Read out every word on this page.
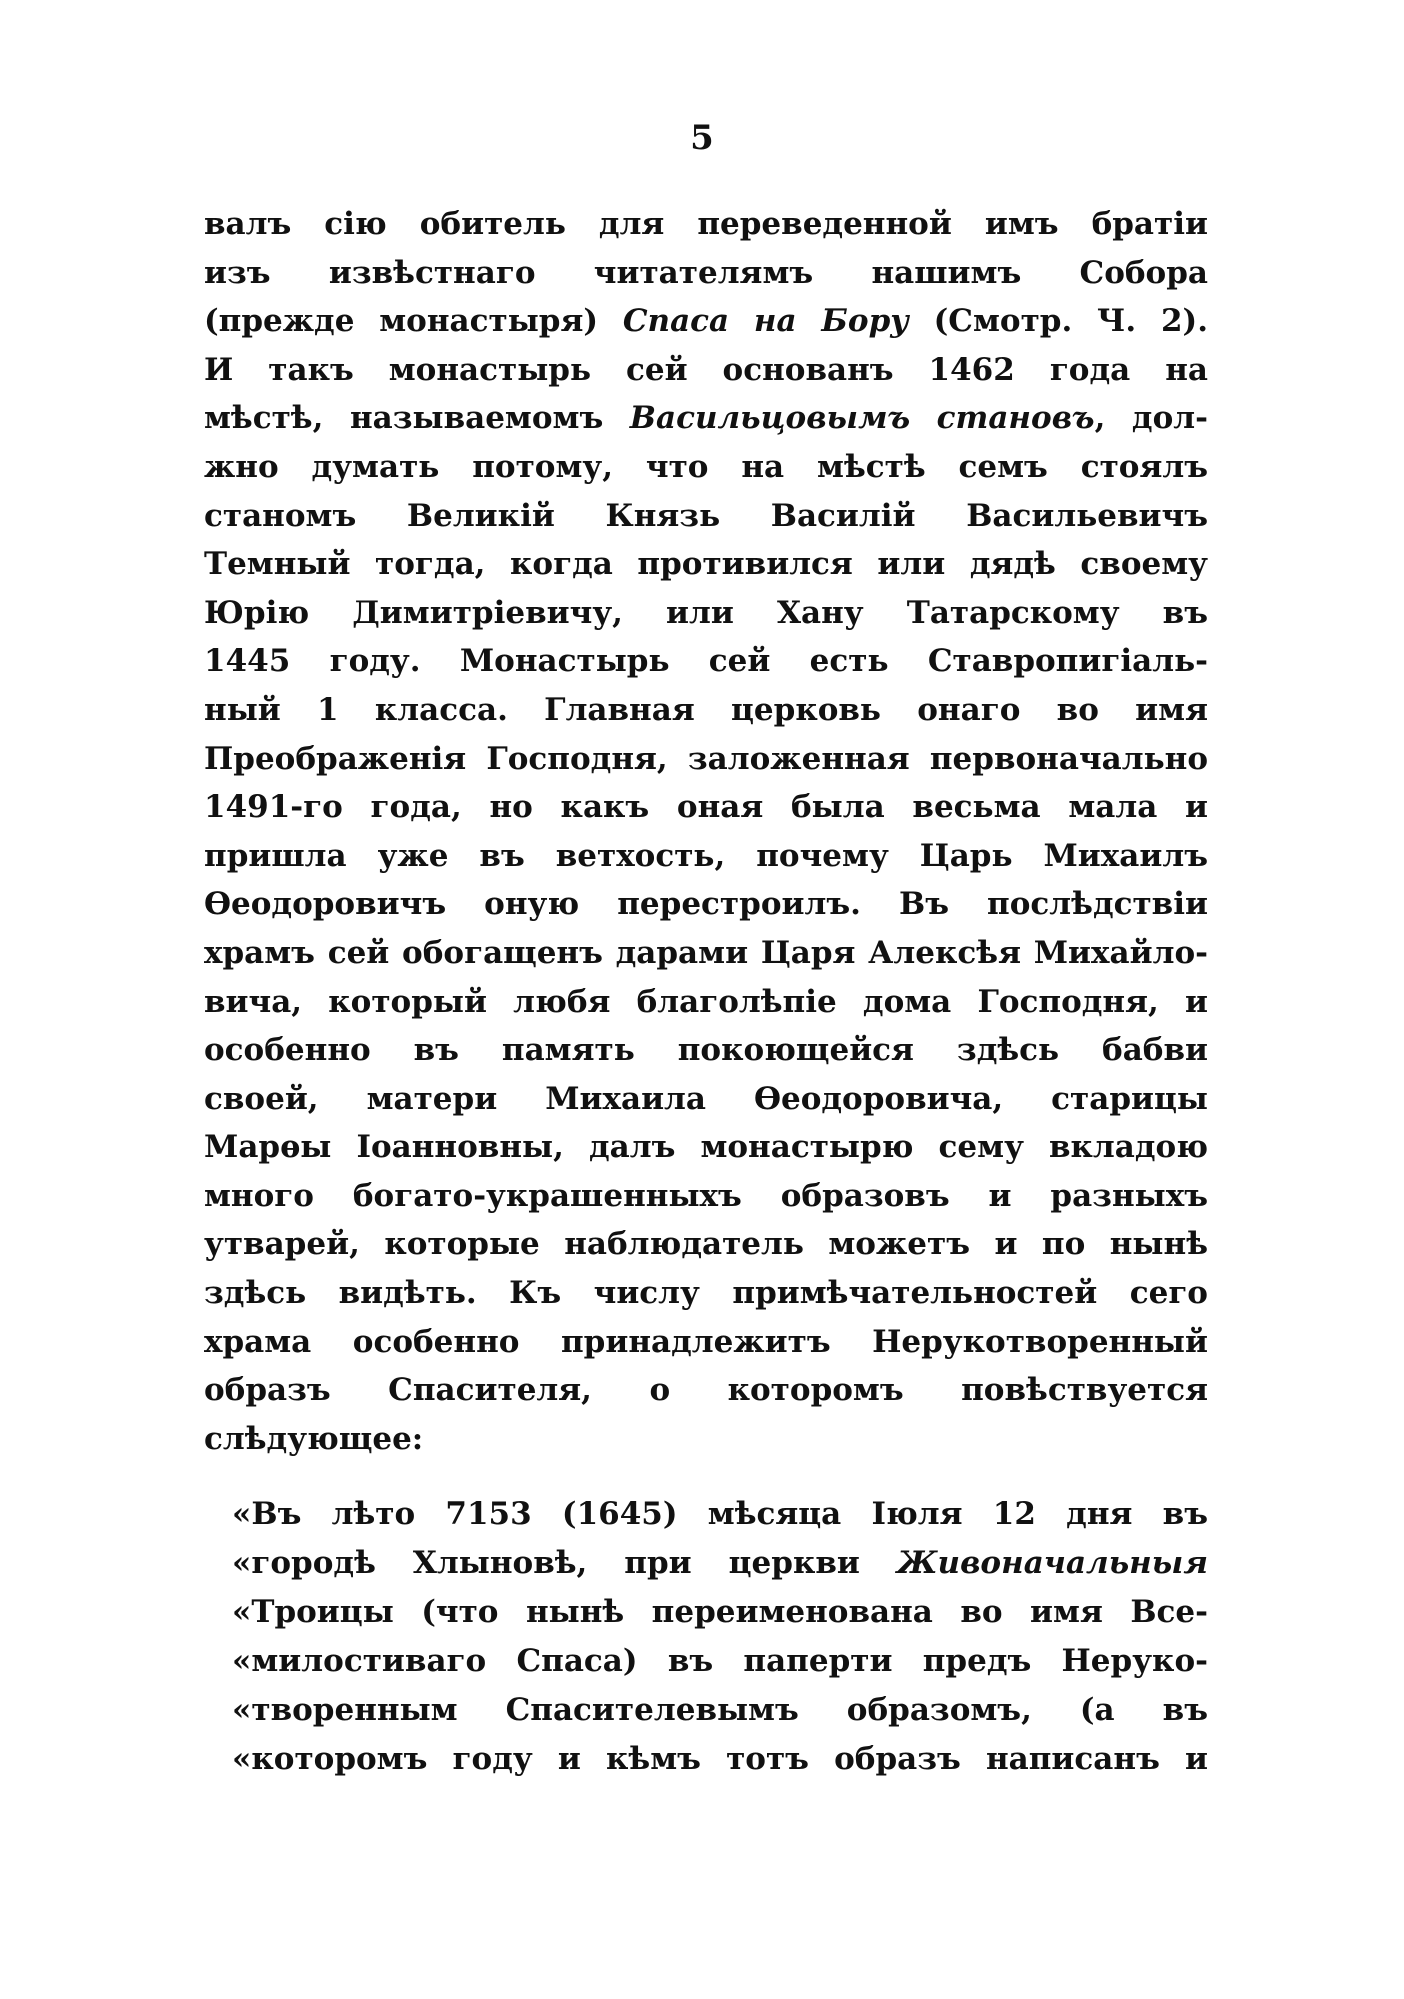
5
валъ сію обитель для переведенной имъ братіи
изъ извѣстнаго читателямъ нашимъ Собора
(прежде монастыря) Спаса на Бору (Смотр. Ч. 2).
И такъ монастырь сей основанъ 1462 года на
мѣстѣ, называемомъ Васильцовымъ становъ, дол-
жно думать потому, что на мѣстѣ семъ стоялъ
станомъ Великій Князь Василій Васильевичъ
Темный тогда, когда противился или дядѣ своему
Юрію Димитріевичу, или Хану Татарскому въ
1445 году. Монастырь сей есть Ставропигіаль-
ный 1 класса. Главная церковь онаго во имя
Преображенія Господня, заложенная первоначально
1491-го года, но какъ оная была весьма мала и
пришла уже въ ветхость, почему Царь Михаилъ
Ѳеодоровичъ оную перестроилъ. Въ послѣдствіи
храмъ сей обогащенъ дарами Царя Алексѣя Михайло-
вича, который любя благолѣпіе дома Господня, и
особенно въ память покоющейся здѣсь бабви
своей, матери Михаила Ѳеодоровича, старицы
Марѳы Іоанновны, далъ монастырю сему вкладою
много богато-украшенныхъ образовъ и разныхъ
утварей, которые наблюдатель можетъ и по нынѣ
здѣсь видѣть. Къ числу примѣчательностей сего
храма особенно принадлежитъ Нерукотворенный
образъ Спасителя, о которомъ повѣствуется
слѣдующее:
«Въ лѣто 7153 (1645) мѣсяца Іюля 12 дня въ
«городѣ Хлыновѣ, при церкви Живоначальныя
«Троицы (что нынѣ переименована во имя Все-
«милостиваго Спаса) въ паперти предъ Неруко-
«творенным Спасителевымъ образомъ, (а въ
«которомъ году и кѣмъ тотъ образъ написанъ и
